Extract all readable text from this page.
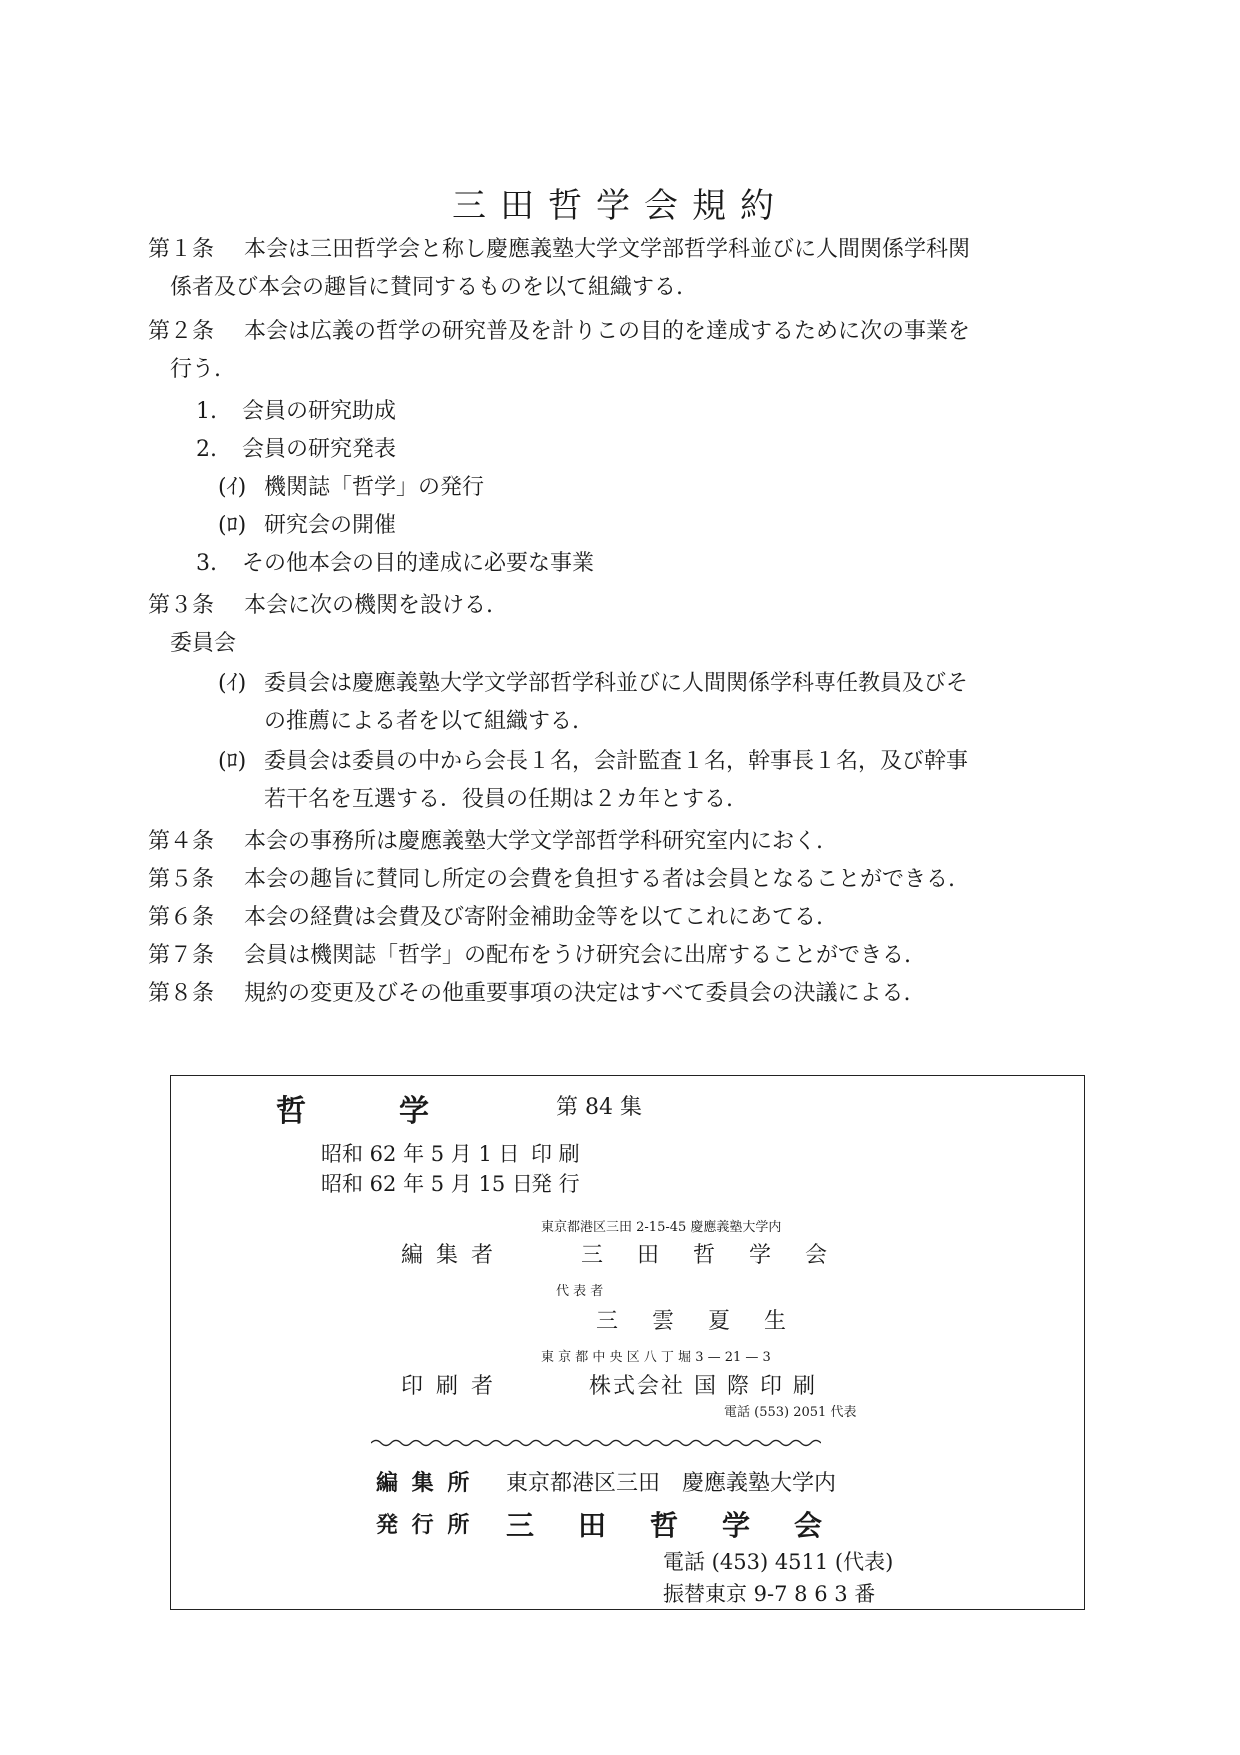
三田哲学会規約
第１条 本会は三田哲学会と称し慶應義塾大学文学部哲学科並びに人間関係学科関
係者及び本会の趣旨に賛同するものを以て組織する.
第２条 本会は広義の哲学の研究普及を計りこの目的を達成するために次の事業を
行う.
1. 会員の研究助成
2. 会員の研究発表
(ｲ) 機関誌「哲学」の発行
(ﾛ) 研究会の開催
3. その他本会の目的達成に必要な事業
第３条 本会に次の機関を設ける.
委員会
(ｲ) 委員会は慶應義塾大学文学部哲学科並びに人間関係学科専任教員及びそ
の推薦による者を以て組織する.
(ﾛ) 委員会は委員の中から会長１名，会計監査１名，幹事長１名，及び幹事
若干名を互選する．役員の任期は２カ年とする.
第４条 本会の事務所は慶應義塾大学文学部哲学科研究室内におく.
第５条 本会の趣旨に賛同し所定の会費を負担する者は会員となることができる.
第６条 本会の経費は会費及び寄附金補助金等を以てこれにあてる.
第７条 会員は機関誌「哲学」の配布をうけ研究会に出席することができる.
第８条 規約の変更及びその他重要事項の決定はすべて委員会の決議による.
哲	学	第 84 集
昭和 62 年 5 月 1 日 印 刷
昭和 62 年 5 月 15 日
発 行
東京都港区三田 2-15-45 慶應義塾大学内
編 集 者	三　田　哲　学　会
代 表 者
三　雲　夏　生
東 京 都 中 央 区 八 丁 堀 3 — 21 — 3
印 刷 者	株式会社 国 際 印 刷
電話 (553) 2051 代表
編 集 所 東京都港区三田　慶應義塾大学内
発 行 所 三　田　哲　学　会
電話 (453) 4511 (代表)
振替東京 9-7 8 6 3 番
